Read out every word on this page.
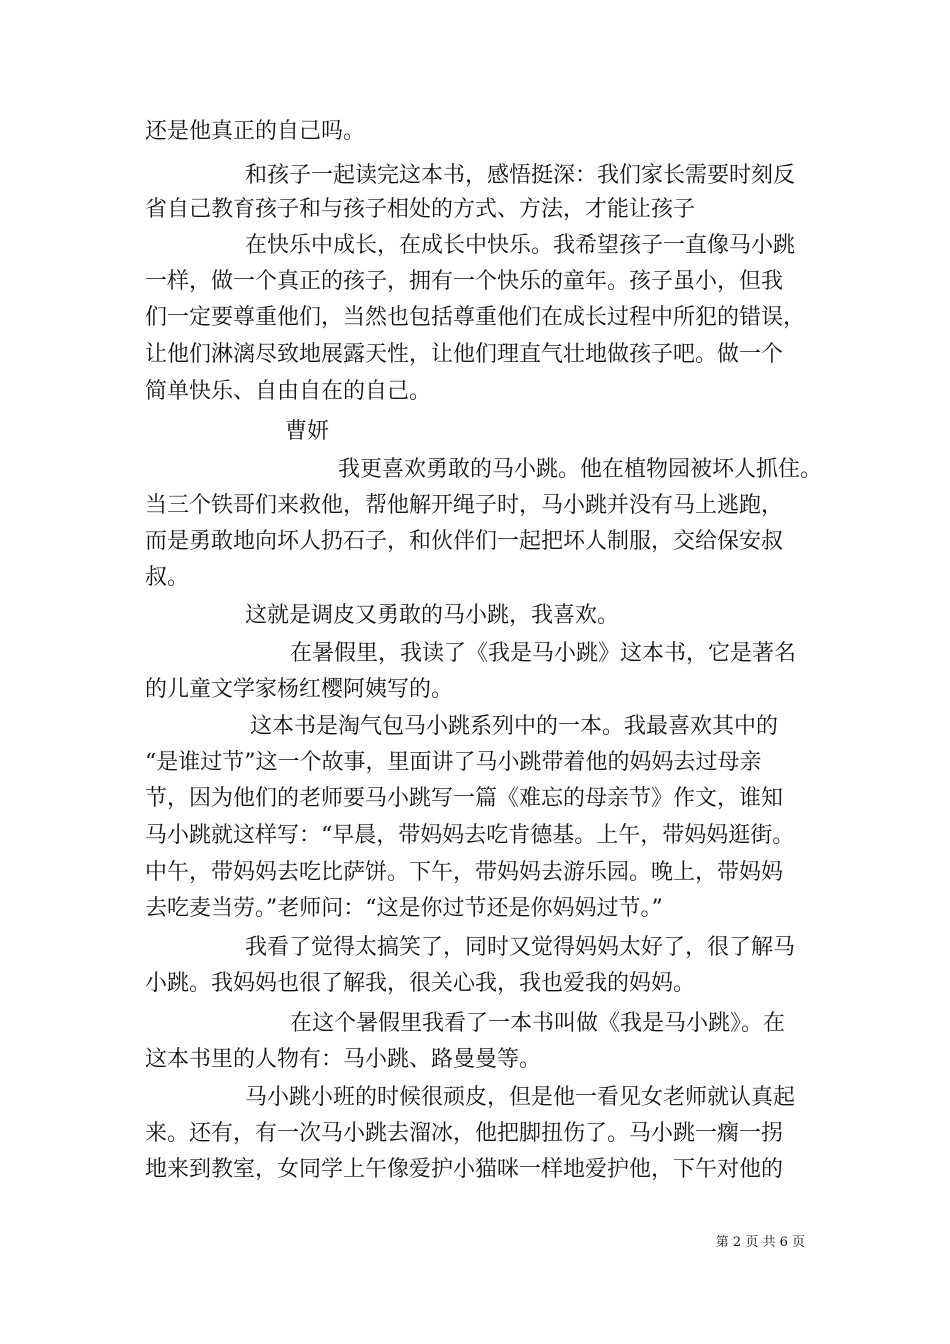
还是他真正的自己吗。
和孩子一起读完这本书，感悟挺深：我们家长需要时刻反
省自己教育孩子和与孩子相处的方式、方法，才能让孩子
在快乐中成长，在成长中快乐。我希望孩子一直像马小跳
一样，做一个真正的孩子，拥有一个快乐的童年。孩子虽小，但我
们一定要尊重他们，当然也包括尊重他们在成长过程中所犯的错误，
让他们淋漓尽致地展露天性，让他们理直气壮地做孩子吧。做一个
简单快乐、自由自在的自己。
曹妍
我更喜欢勇敢的马小跳。他在植物园被坏人抓住。
当三个铁哥们来救他，帮他解开绳子时，马小跳并没有马上逃跑，
而是勇敢地向坏人扔石子，和伙伴们一起把坏人制服，交给保安叔
叔。
这就是调皮又勇敢的马小跳，我喜欢。
在暑假里，我读了《我是马小跳》这本书，它是著名
的儿童文学家杨红樱阿姨写的。
这本书是淘气包马小跳系列中的一本。我最喜欢其中的
“是谁过节”这一个故事，里面讲了马小跳带着他的妈妈去过母亲
节，因为他们的老师要马小跳写一篇《难忘的母亲节》作文，谁知
马小跳就这样写：“早晨，带妈妈去吃肯德基。上午，带妈妈逛街。
中午，带妈妈去吃比萨饼。下午，带妈妈去游乐园。晚上，带妈妈
去吃麦当劳。”老师问：“这是你过节还是你妈妈过节。”
我看了觉得太搞笑了，同时又觉得妈妈太好了，很了解马
小跳。我妈妈也很了解我，很关心我，我也爱我的妈妈。
在这个暑假里我看了一本书叫做《我是马小跳》。在
这本书里的人物有：马小跳、路曼曼等。
马小跳小班的时候很顽皮，但是他一看见女老师就认真起
来。还有，有一次马小跳去溜冰，他把脚扭伤了。马小跳一瘸一拐
地来到教室，女同学上午像爱护小猫咪一样地爱护他，下午对他的
第 2 页 共 6 页
